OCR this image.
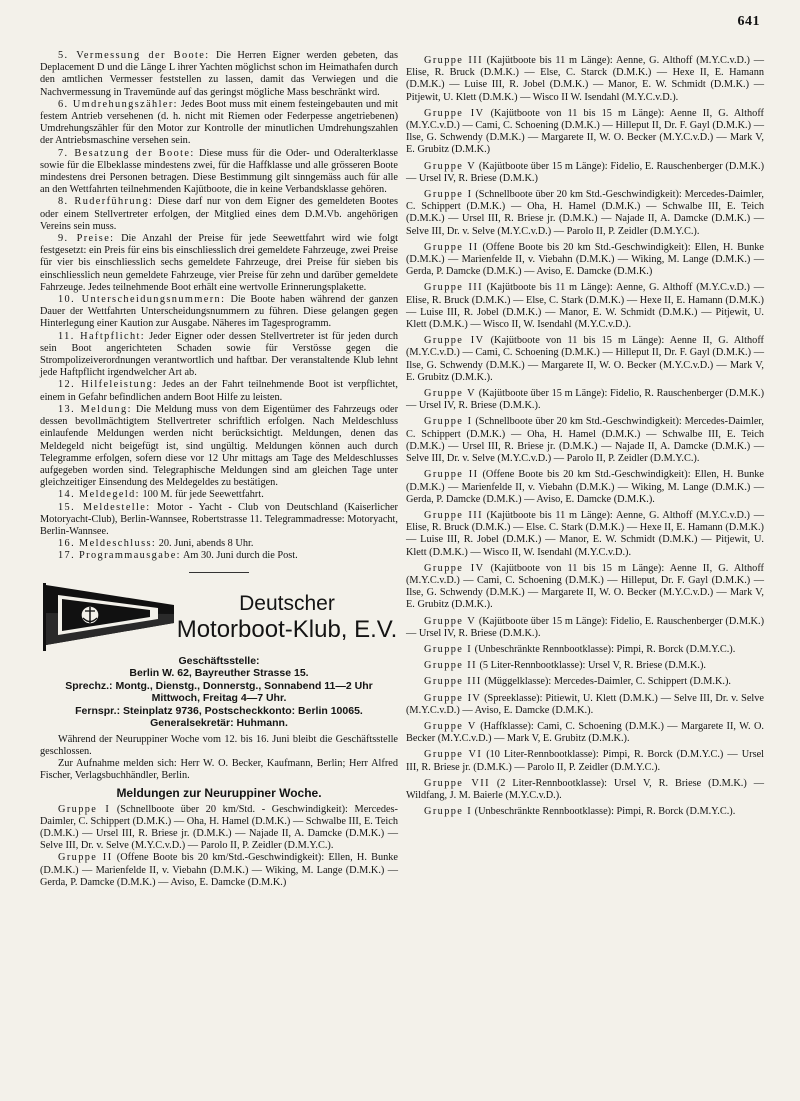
641

5. Vermessung der Boote: Die Herren Eigner werden gebeten, das Deplacement D und die Länge L ihrer Yachten möglichst schon im Heimathafen durch den amtlichen Vermesser feststellen zu lassen, damit das Verwiegen und die Nachvermessung in Travemünde auf das geringst mögliche Mass beschränkt wird.

6. Umdrehungszähler: Jedes Boot muss mit einem festeingebauten und mit festem Antrieb versehenen (d. h. nicht mit Riemen oder Federpesse angetriebenen) Umdrehungszähler für den Motor zur Kontrolle der minutlichen Umdrehungszahlen der Antriebsmaschine versehen sein.

7. Besatzung der Boote: Diese muss für die Oder- und Oderalterklasse sowie für die Elbeklasse mindestens zwei, für die Haffklasse und alle grösseren Boote mindestens drei Personen betragen. Diese Bestimmung gilt sinngemäss auch für alle an den Wettfahrten teilnehmenden Kajütboote, die in keine Verbandsklasse gehören.

8. Ruderführung: Diese darf nur von dem Eigner des gemeldeten Bootes oder einem Stellvertreter erfolgen, der Mitglied eines dem D.M.Vb. angehörigen Vereins sein muss.

9. Preise: Die Anzahl der Preise für jede Seewettfahrt wird wie folgt festgesetzt: ein Preis für eins bis einschliesslich drei gemeldete Fahrzeuge, zwei Preise für vier bis einschliesslich sechs gemeldete Fahrzeuge, drei Preise für sieben bis einschliesslich neun gemeldete Fahrzeuge, vier Preise für zehn und darüber gemeldete Fahrzeuge. Jedes teilnehmende Boot erhält eine wertvolle Erinnerungsplakette.

10. Unterscheidungsnummern: Die Boote haben während der ganzen Dauer der Wettfahrten Unterscheidungsnummern zu führen. Diese gelangen gegen Hinterlegung einer Kaution zur Ausgabe. Näheres im Tagesprogramm.

11. Haftpflicht: Jeder Eigner oder dessen Stellvertreter ist für jeden durch sein Boot angerichteten Schaden sowie für Verstösse gegen die Strompolizeiverordnungen verantwortlich und haftbar. Der veranstaltende Klub lehnt jede Haftpflicht irgendwelcher Art ab.

12. Hilfeleistung: Jedes an der Fahrt teilnehmende Boot ist verpflichtet, einem in Gefahr befindlichen andern Boot Hilfe zu leisten.

13. Meldung: Die Meldung muss von dem Eigentümer des Fahrzeugs oder dessen bevollmächtigtem Stellvertreter schriftlich erfolgen. Nach Meldeschluss einlaufende Meldungen werden nicht berücksichtigt. Meldungen, denen das Meldegeld nicht beigefügt ist, sind ungültig. Meldungen können auch durch Telegramme erfolgen, sofern diese vor 12 Uhr mittags am Tage des Meldeschlusses aufgegeben worden sind. Telegraphische Meldungen sind am gleichen Tage unter gleichzeitiger Einsendung des Meldegeldes zu bestätigen.

14. Meldegeld: 100 M. für jede Seewettfahrt.

15. Meldestelle: Motor - Yacht - Club von Deutschland (Kaiserlicher Motoryacht-Club), Berlin-Wannsee, Robertstrasse 11. Telegrammadresse: Motoryacht, Berlin-Wannsee.

16. Meldeschluss: 20. Juni, abends 8 Uhr.

17. Programmausgabe: Am 30. Juni durch die Post.

Deutscher
Motorboot-Klub, E.V.

Geschäftsstelle:

Berlin W. 62, Bayreuther Strasse 15.

Sprechz.: Montg., Dienstg., Donnerstg., Sonnabend 11—2 Uhr

Mittwoch, Freitag 4—7 Uhr.

Fernspr.: Steinplatz 9736, Postscheckkonto: Berlin 10065.

Generalsekretär: Huhmann.

Während der Neuruppiner Woche vom 12. bis 16. Juni bleibt die Geschäftsstelle geschlossen.

Zur Aufnahme melden sich: Herr W. O. Becker, Kaufmann, Berlin; Herr Alfred Fischer, Verlagsbuchhändler, Berlin.

Meldungen zur Neuruppiner Woche.

Gruppe I (Schnellboote über 20 km/Std. - Geschwindigkeit): Mercedes-Daimler, C. Schippert (D.M.K.) — Oha, H. Hamel (D.M.K.) — Schwalbe III, E. Teich (D.M.K.) — Ursel III, R. Briese jr. (D.M.K.) — Najade II, A. Damcke (D.M.K.) — Selve III, Dr. v. Selve (M.Y.C.v.D.) — Parolo II, P. Zeidler (D.M.Y.C.).

Gruppe II (Offene Boote bis 20 km/Std.-Geschwindigkeit): Ellen, H. Bunke (D.M.K.) — Marienfelde II, v. Viebahn (D.M.K.) — Wiking, M. Lange (D.M.K.) — Gerda, P. Damcke (D.M.K.) — Aviso, E. Damcke (D.M.K.)

Gruppe III (Kajütboote bis 11 m Länge): Aenne, G. Althoff (M.Y.C.v.D.) — Elise, R. Bruck (D.M.K.) — Else, C. Starck (D.M.K.) — Hexe II, E. Hamann (D.M.K.) — Luise III, R. Jobel (D.M.K.) — Manor, E. W. Schmidt (D.M.K.) — Pitjewit, U. Klett (D.M.K.) — Wisco II W. Isendahl (M.Y.C.v.D.).

Gruppe IV (Kajütboote von 11 bis 15 m Länge): Aenne II, G. Althoff (M.Y.C.v.D.) — Cami, C. Schoening (D.M.K.) — Hilleput II, Dr. F. Gayl (D.M.K.) — Ilse, G. Schwendy (D.M.K.) — Margarete II, W. O. Becker (M.Y.C.v.D.) — Mark V, E. Grubitz (D.M.K.)

Gruppe V (Kajütboote über 15 m Länge): Fidelio, E. Rauschenberger (D.M.K.) — Ursel IV, R. Briese (D.M.K.)

Gruppe I (Schnellboote über 20 km Std.-Geschwindigkeit): Mercedes-Daimler, C. Schippert (D.M.K.) — Oha, H. Hamel (D.M.K.) — Schwalbe III, E. Teich (D.M.K.) — Ursel III, R. Briese jr. (D.M.K.) — Najade II, A. Damcke (D.M.K.) — Selve III, Dr. v. Selve (M.Y.C.v.D.) — Parolo II, P. Zeidler (D.M.Y.C.).

Gruppe II (Offene Boote bis 20 km Std.-Geschwindigkeit): Ellen, H. Bunke (D.M.K.) — Marienfelde II, v. Viebahn (D.M.K.) — Wiking, M. Lange (D.M.K.) — Gerda, P. Damcke (D.M.K.) — Aviso, E. Damcke (D.M.K.)

Gruppe III (Kajütboote bis 11 m Länge): Aenne, G. Althoff (M.Y.C.v.D.) — Elise, R. Bruck (D.M.K.) — Else, C. Stark (D.M.K.) — Hexe II, E. Hamann (D.M.K.) — Luise III, R. Jobel (D.M.K.) — Manor, E. W. Schmidt (D.M.K.) — Pitjewit, U. Klett (D.M.K.) — Wisco II, W. Isendahl (M.Y.C.v.D.).

Gruppe IV (Kajütboote von 11 bis 15 m Länge): Aenne II, G. Althoff (M.Y.C.v.D.) — Cami, C. Schoening (D.M.K.) — Hilleput II, Dr. F. Gayl (D.M.K.) — Ilse, G. Schwendy (D.M.K.) — Margarete II, W. O. Becker (M.Y.C.v.D.) — Mark V, E. Grubitz (D.M.K.).

Gruppe V (Kajütboote über 15 m Länge): Fidelio, R. Rauschenberger (D.M.K.) — Ursel IV, R. Briese (D.M.K.).

Gruppe I (Schnellboote über 20 km Std.-Geschwindigkeit): Mercedes-Daimler, C. Schippert (D.M.K.) — Oha, H. Hamel (D.M.K.) — Schwalbe III, E. Teich (D.M.K.) — Ursel III, R. Briese jr. (D.M.K.) — Najade II, A. Damcke (D.M.K.) — Selve III, Dr. v. Selve (M.Y.C.v.D.) — Parolo II, P. Zeidler (D.M.Y.C.).

Gruppe II (Offene Boote bis 20 km Std.-Geschwindigkeit): Ellen, H. Bunke (D.M.K.) — Marienfelde II, v. Viebahn (D.M.K.) — Wiking, M. Lange (D.M.K.) — Gerda, P. Damcke (D.M.K.) — Aviso, E. Damcke (D.M.K.).

Gruppe III (Kajütboote bis 11 m Länge): Aenne, G. Althoff (M.Y.C.v.D.) — Elise, R. Bruck (D.M.K.) — Else. C. Stark (D.M.K.) — Hexe II, E. Hamann (D.M.K.) — Luise III, R. Jobel (D.M.K.) — Manor, E. W. Schmidt (D.M.K.) — Pitjewit, U. Klett (D.M.K.) — Wisco II, W. Isendahl (M.Y.C.v.D.).

Gruppe IV (Kajütboote von 11 bis 15 m Länge): Aenne II, G. Althoff (M.Y.C.v.D.) — Cami, C. Schoening (D.M.K.) — Hilleput, Dr. F. Gayl (D.M.K.) — Ilse, G. Schwendy (D.M.K.) — Margarete II, W. O. Becker (M.Y.C.v.D.) — Mark V, E. Grubitz (D.M.K.).

Gruppe V (Kajütboote über 15 m Länge): Fidelio, E. Rauschenberger (D.M.K.) — Ursel IV, R. Briese (D.M.K.).

Gruppe I (Unbeschränkte Rennbootklasse): Pimpi, R. Borck (D.M.Y.C.).

Gruppe II (5 Liter-Rennbootklasse): Ursel V, R. Briese (D.M.K.).

Gruppe III (Müggelklasse): Mercedes-Daimler, C. Schippert (D.M.K.).

Gruppe IV (Spreeklasse): Pitiewit, U. Klett (D.M.K.) — Selve III, Dr. v. Selve (M.Y.C.v.D.) — Aviso, E. Damcke (D.M.K.).

Gruppe V (Haffklasse): Cami, C. Schoening (D.M.K.) — Margarete II, W. O. Becker (M.Y.C.v.D.) — Mark V, E. Grubitz (D.M.K.).

Gruppe VI (10 Liter-Rennbootklasse): Pimpi, R. Borck (D.M.Y.C.) — Ursel III, R. Briese jr. (D.M.K.) — Parolo II, P. Zeidler (D.M.Y.C.).

Gruppe VII (2 Liter-Rennbootklasse): Ursel V, R. Briese (D.M.K.) — Wildfang, J. M. Baierle (M.Y.C.v.D.).

Gruppe I (Unbeschränkte Rennbootklasse): Pimpi, R. Borck (D.M.Y.C.).
